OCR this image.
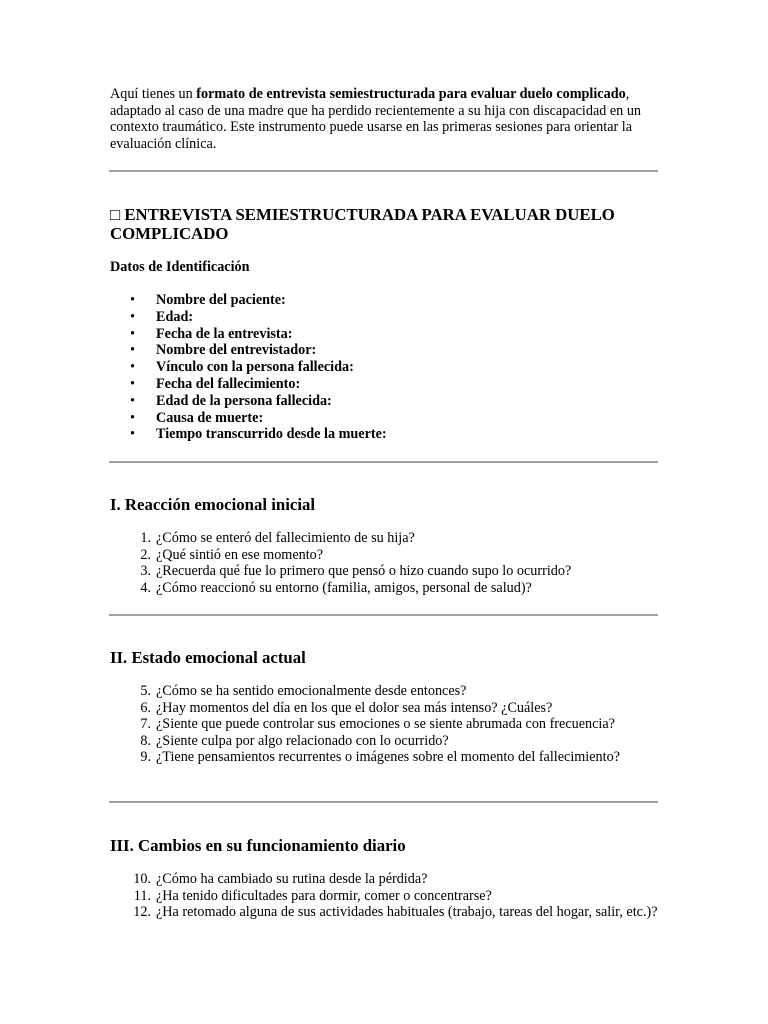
Aquí tienes un formato de entrevista semiestructurada para evaluar duelo complicado, adaptado al caso de una madre que ha perdido recientemente a su hija con discapacidad en un contexto traumático. Este instrumento puede usarse en las primeras sesiones para orientar la evaluación clínica.

□ ENTREVISTA SEMIESTRUCTURADA PARA EVALUAR DUELO COMPLICADO
Datos de Identificación
• Nombre del paciente:
• Edad:
• Fecha de la entrevista:
• Nombre del entrevistador:
• Vínculo con la persona fallecida:
• Fecha del fallecimiento:
• Edad de la persona fallecida:
• Causa de muerte:
• Tiempo transcurrido desde la muerte:
I. Reacción emocional inicial
1. ¿Cómo se enteró del fallecimiento de su hija?
2. ¿Qué sintió en ese momento?
3. ¿Recuerda qué fue lo primero que pensó o hizo cuando supo lo ocurrido?
4. ¿Cómo reaccionó su entorno (familia, amigos, personal de salud)?
II. Estado emocional actual
5. ¿Cómo se ha sentido emocionalmente desde entonces?
6. ¿Hay momentos del día en los que el dolor sea más intenso? ¿Cuáles?
7. ¿Siente que puede controlar sus emociones o se siente abrumada con frecuencia?
8. ¿Siente culpa por algo relacionado con lo ocurrido?
9. ¿Tiene pensamientos recurrentes o imágenes sobre el momento del fallecimiento?
III. Cambios en su funcionamiento diario
10. ¿Cómo ha cambiado su rutina desde la pérdida?
11. ¿Ha tenido dificultades para dormir, comer o concentrarse?
12. ¿Ha retomado alguna de sus actividades habituales (trabajo, tareas del hogar, salir, etc.)?
